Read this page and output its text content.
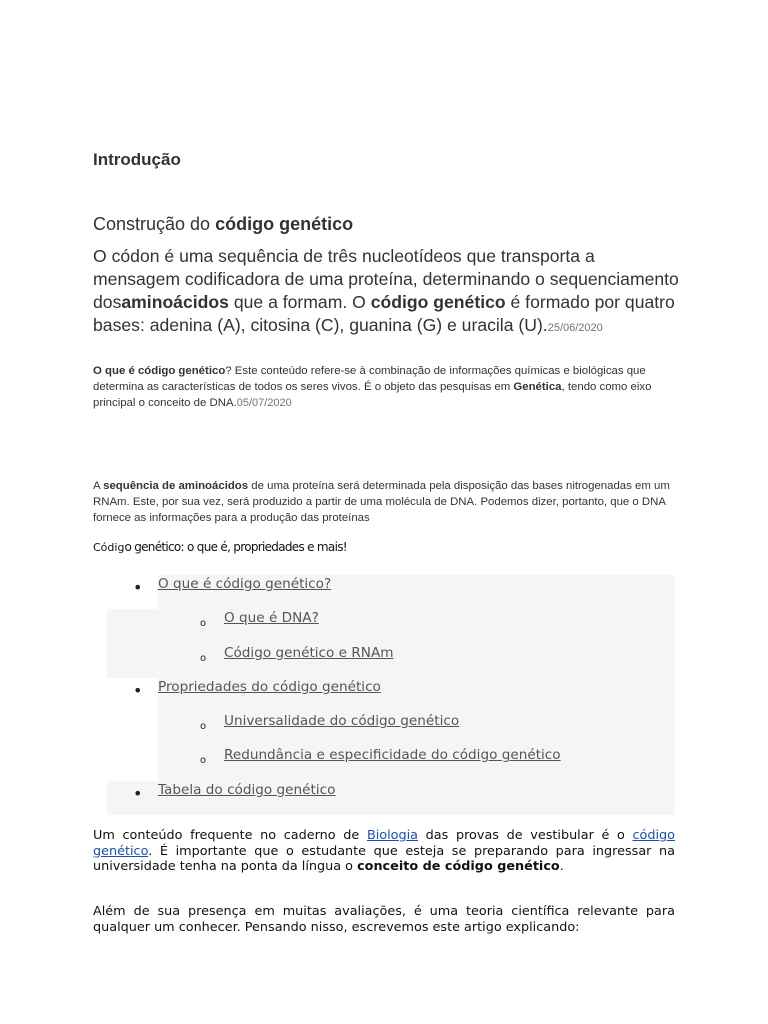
Introdução
Construção do código genético
O códon é uma sequência de três nucleotídeos que transporta a mensagem codificadora de uma proteína, determinando o sequenciamento dosaminoácidos que a formam. O código genético é formado por quatro bases: adenina (A), citosina (C), guanina (G) e uracila (U).25/06/2020
O que é código genético? Este conteúdo refere-se à combinação de informações químicas e biológicas que determina as características de todos os seres vivos. É o objeto das pesquisas em Genética, tendo como eixo principal o conceito de DNA.05/07/2020
A sequência de aminoácidos de uma proteína será determinada pela disposição das bases nitrogenadas em um RNAm. Este, por sua vez, será produzido a partir de uma molécula de DNA. Podemos dizer, portanto, que o DNA fornece as informações para a produção das proteínas
Código genético: o que é, propriedades e mais!
• O que é código genético?
o O que é DNA?
o Código genético e RNAm
• Propriedades do código genético
o Universalidade do código genético
o Redundância e especificidade do código genético
• Tabela do código genético
Um conteúdo frequente no caderno de Biologia das provas de vestibular é o código genético. É importante que o estudante que esteja se preparando para ingressar na universidade tenha na ponta da língua o conceito de código genético.
Além de sua presença em muitas avaliações, é uma teoria científica relevante para qualquer um conhecer. Pensando nisso, escrevemos este artigo explicando:
